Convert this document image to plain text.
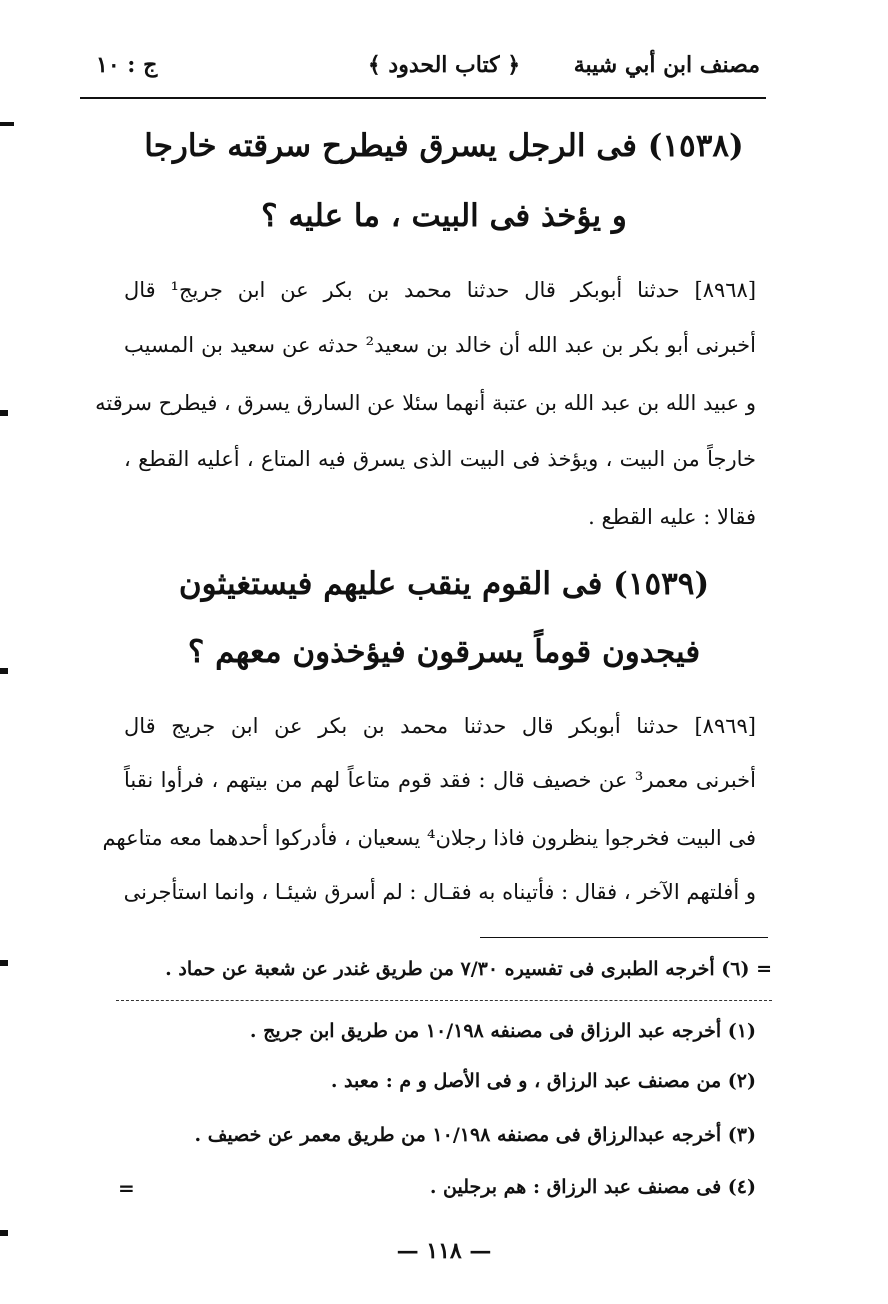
مصنف ابن أبي شيبة
﴿ كتاب الحدود ﴾
ج : ١٠
(١٥٣٨) فى الرجل يسرق فيطرح سرقته خارجا
و يؤخذ فى البيت ، ما عليه ؟
[٨٩٦٨] حدثنا أبوبكر قال حدثنا محمد بن بكر عن ابن جريج¹ قال
أخبرنى أبو بكر بن عبد الله أن خالد بن سعيد² حدثه عن سعيد بن المسيب
و عبيد الله بن عبد الله بن عتبة أنهما سئلا عن السارق يسرق ، فيطرح سرقته
خارجاً من البيت ، ويؤخذ فى البيت الذى يسرق فيه المتاع ، أعليه القطع ،
فقالا : عليه القطع .
(١٥٣٩) فى القوم ينقب عليهم فيستغيثون
فيجدون قوماً يسرقون فيؤخذون معهم ؟
[٨٩٦٩] حدثنا أبوبكر قال حدثنا محمد بن بكر عن ابن جريج قال
أخبرنى معمر³ عن خصيف قال : فقد قوم متاعاً لهم من بيتهم ، فرأوا نقباً
فى البيت فخرجوا ينظرون فاذا رجلان⁴ يسعيان ، فأدركوا أحدهما معه متاعهم
و أفلتهم الآخر ، فقال : فأتيناه به فقـال : لم أسرق شيئـا ، وانما استأجرنى
= (٦) أخرجه الطبرى فى تفسيره ٧/٣٠ من طريق غندر عن شعبة عن حماد .
(١) أخرجه عبد الرزاق فى مصنفه ١٠/١٩٨ من طريق ابن جريج .
(٢) من مصنف عبد الرزاق ، و فى الأصل و م : معبد .
(٣) أخرجه عبدالرزاق فى مصنفه ١٠/١٩٨ من طريق معمر عن خصيف .
(٤) فى مصنف عبد الرزاق : هم برجلين .
=
— ١١٨ —
